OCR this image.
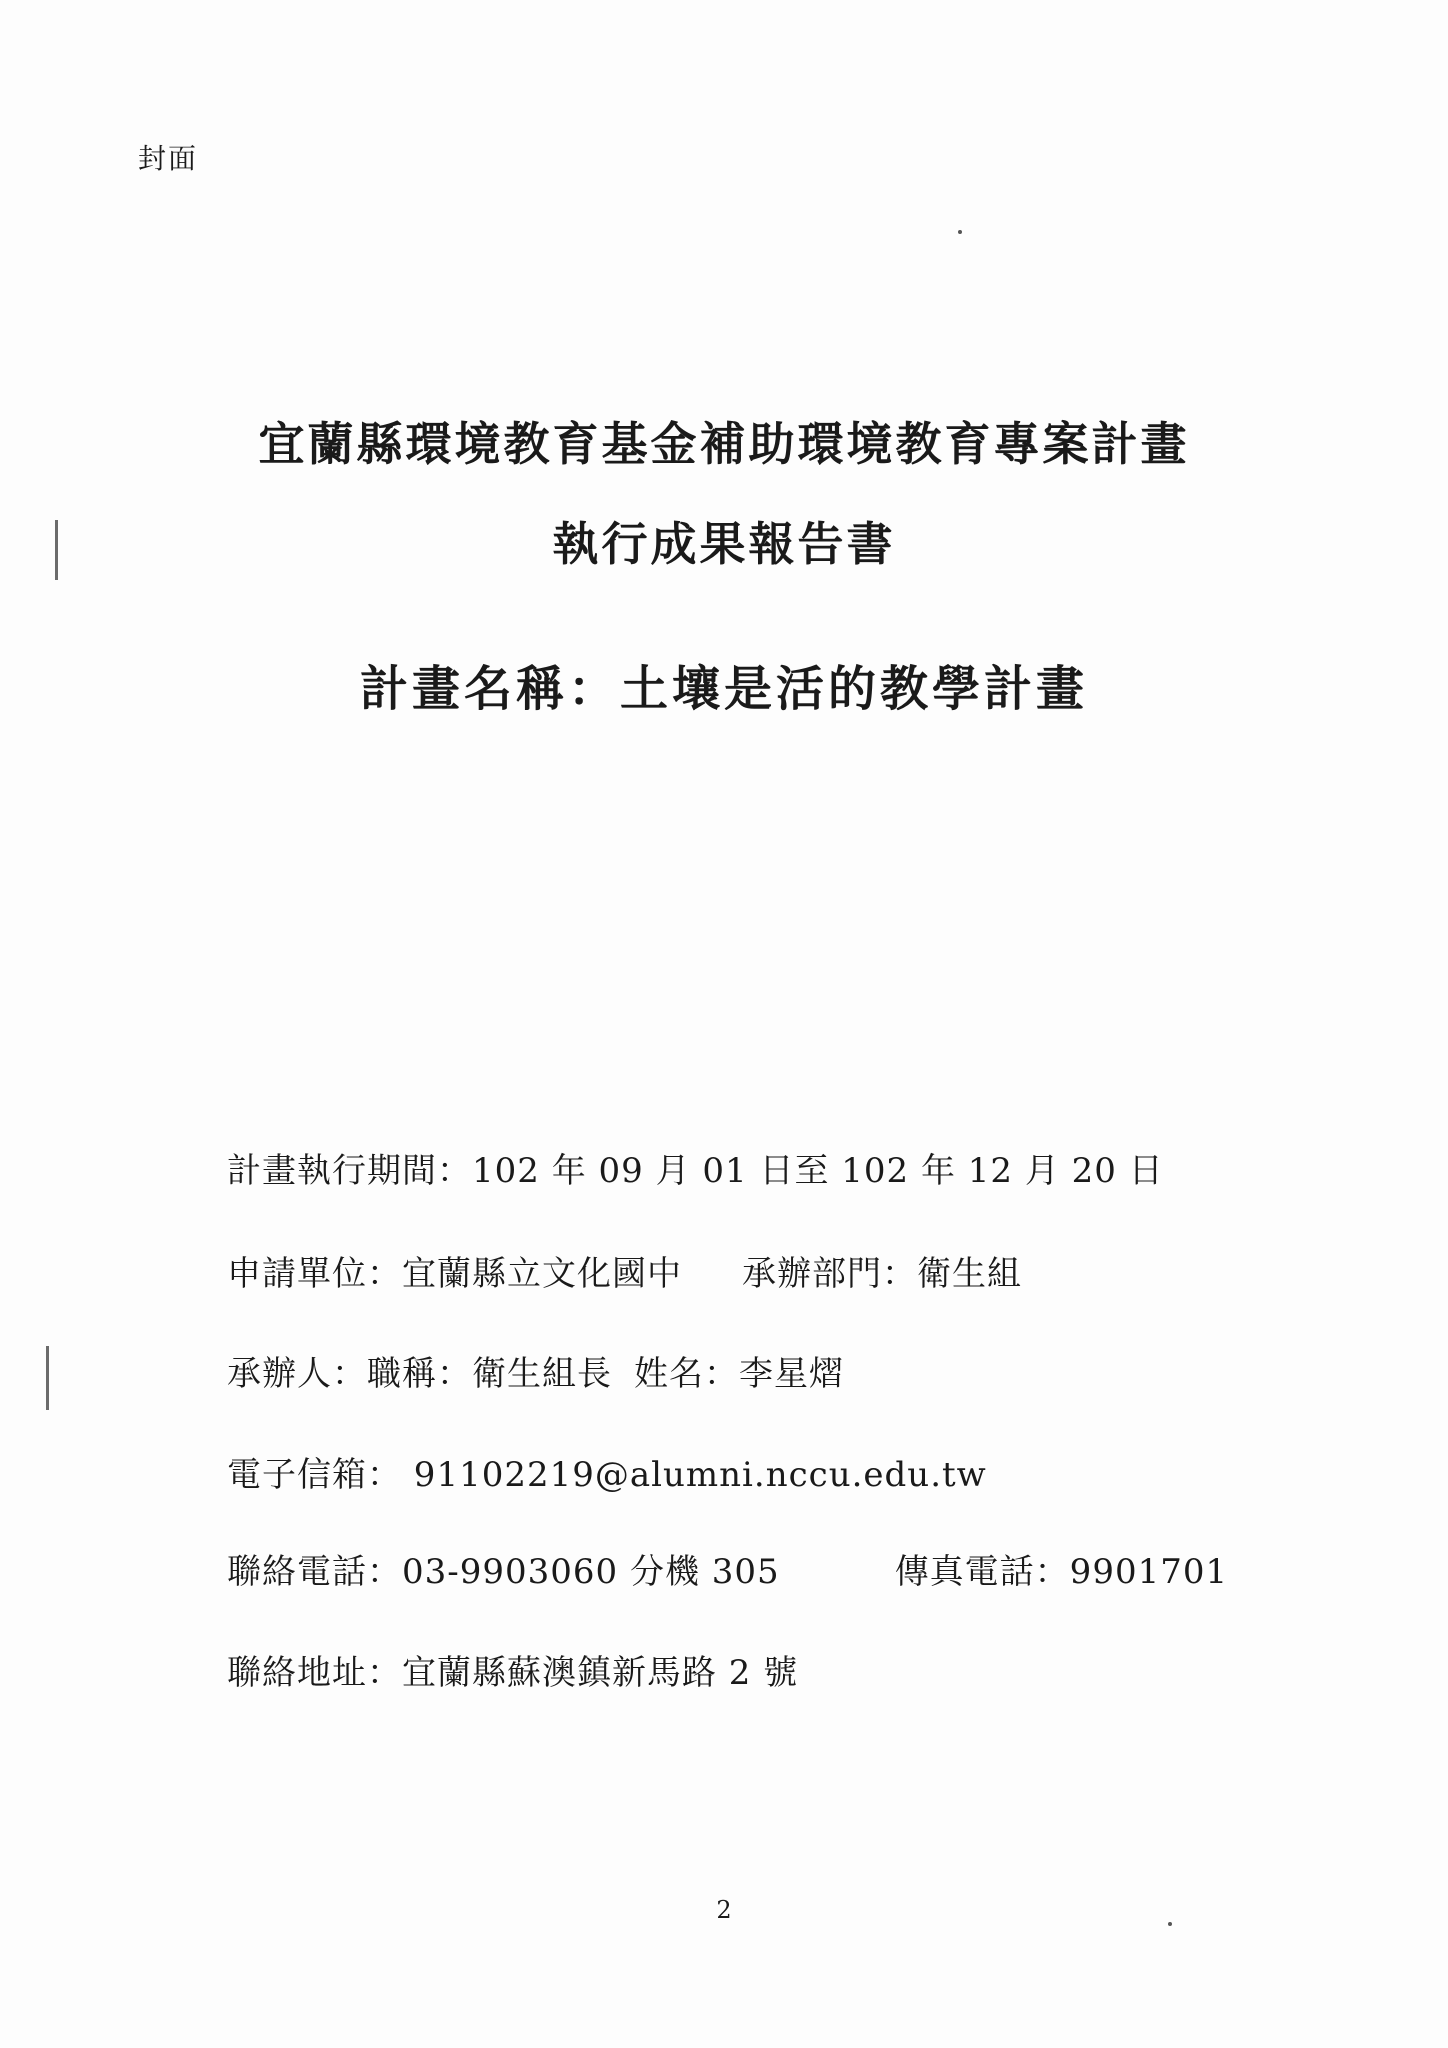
封面
宜蘭縣環境教育基金補助環境教育專案計畫
執行成果報告書
計畫名稱：土壤是活的教學計畫
計畫執行期間：102 年 09 月 01 日至 102 年 12 月 20 日
申請單位：宜蘭縣立文化國中 承辦部門：衛生組
承辦人：職稱：衛生組長 姓名：李星熠
電子信箱： 91102219@alumni.nccu.edu.tw
聯絡電話：03-9903060 分機 305	傳真電話：9901701
聯絡地址：宜蘭縣蘇澳鎮新馬路 2 號
2
